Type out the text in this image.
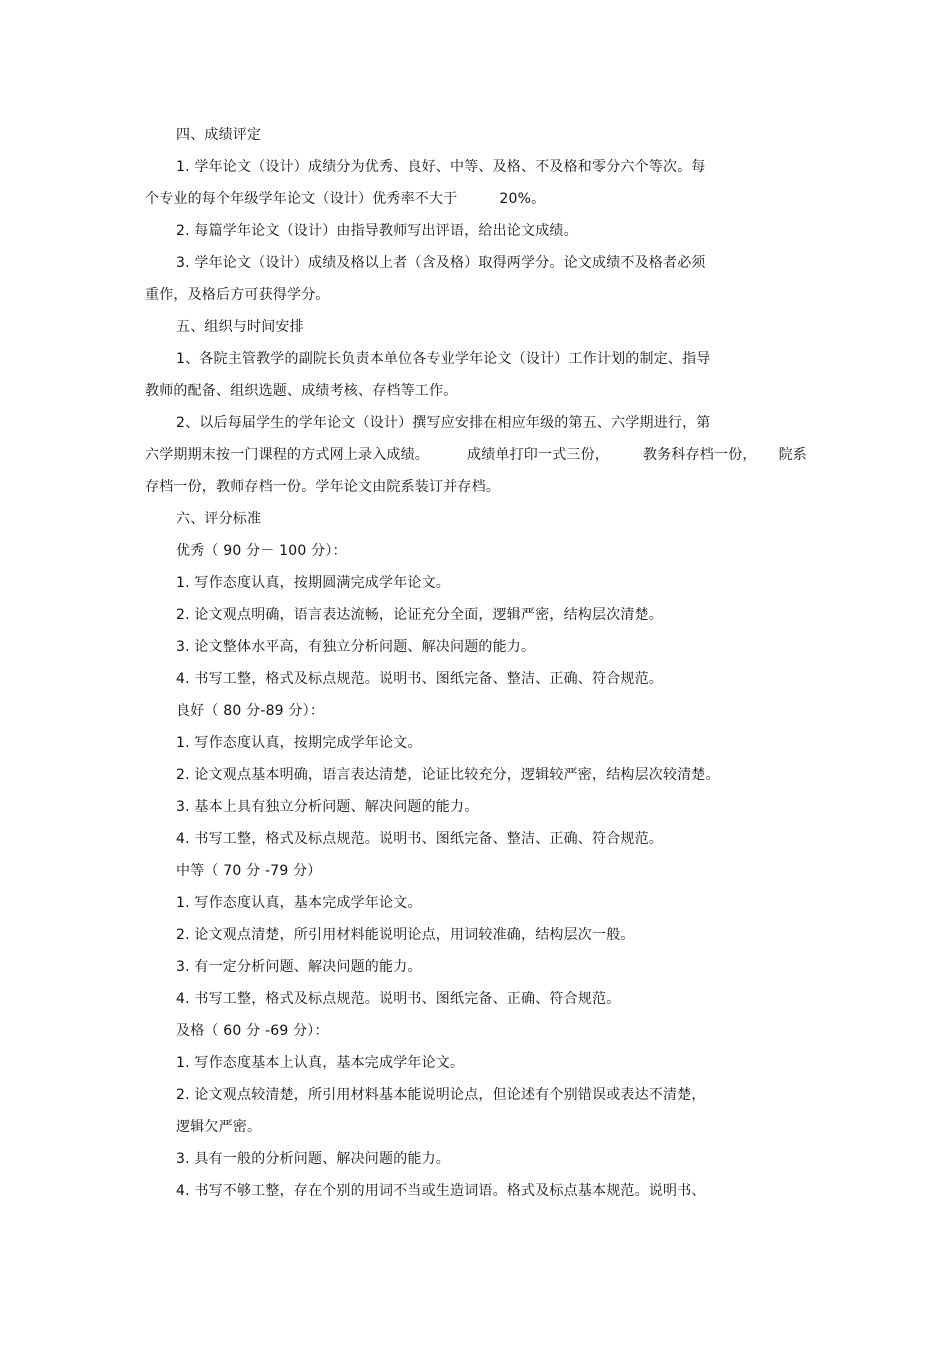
四、成绩评定
1. 学年论文（设计）成绩分为优秀、良好、中等、及格、不及格和零分六个等次。每
个专业的每个年级学年论文（设计）优秀率不大于	20%。
2. 每篇学年论文（设计）由指导教师写出评语，给出论文成绩。
3. 学年论文（设计）成绩及格以上者（含及格）取得两学分。论文成绩不及格者必须
重作，及格后方可获得学分。
五、组织与时间安排
1、各院主管教学的副院长负责本单位各专业学年论文（设计）工作计划的制定、指导
教师的配备、组织选题、成绩考核、存档等工作。
2、以后每届学生的学年论文（设计）撰写应安排在相应年级的第五、六学期进行，第
六学期期末按一门课程的方式网上录入成绩。	成绩单打印一式三份， 教务科存档一份， 院系
存档一份，教师存档一份。学年论文由院系装订并存档。
六、评分标准
优秀（ 90 分－ 100 分）：
1. 写作态度认真，按期圆满完成学年论文。
2. 论文观点明确，语言表达流畅，论证充分全面，逻辑严密，结构层次清楚。
3. 论文整体水平高，有独立分析问题、解决问题的能力。
4. 书写工整，格式及标点规范。说明书、图纸完备、整洁、正确、符合规范。
良好（ 80 分-89 分）：
1. 写作态度认真，按期完成学年论文。
2. 论文观点基本明确，语言表达清楚，论证比较充分，逻辑较严密，结构层次较清楚。
3. 基本上具有独立分析问题、解决问题的能力。
4. 书写工整，格式及标点规范。说明书、图纸完备、整洁、正确、符合规范。
中等（ 70 分 -79 分）
1. 写作态度认真，基本完成学年论文。
2. 论文观点清楚，所引用材料能说明论点，用词较准确，结构层次一般。
3. 有一定分析问题、解决问题的能力。
4. 书写工整，格式及标点规范。说明书、图纸完备、正确、符合规范。
及格（ 60 分 -69 分）：
1. 写作态度基本上认真，基本完成学年论文。
2. 论文观点较清楚，所引用材料基本能说明论点，但论述有个别错误或表达不清楚，
逻辑欠严密。
3. 具有一般的分析问题、解决问题的能力。
4. 书写不够工整，存在个别的用词不当或生造词语。格式及标点基本规范。说明书、
